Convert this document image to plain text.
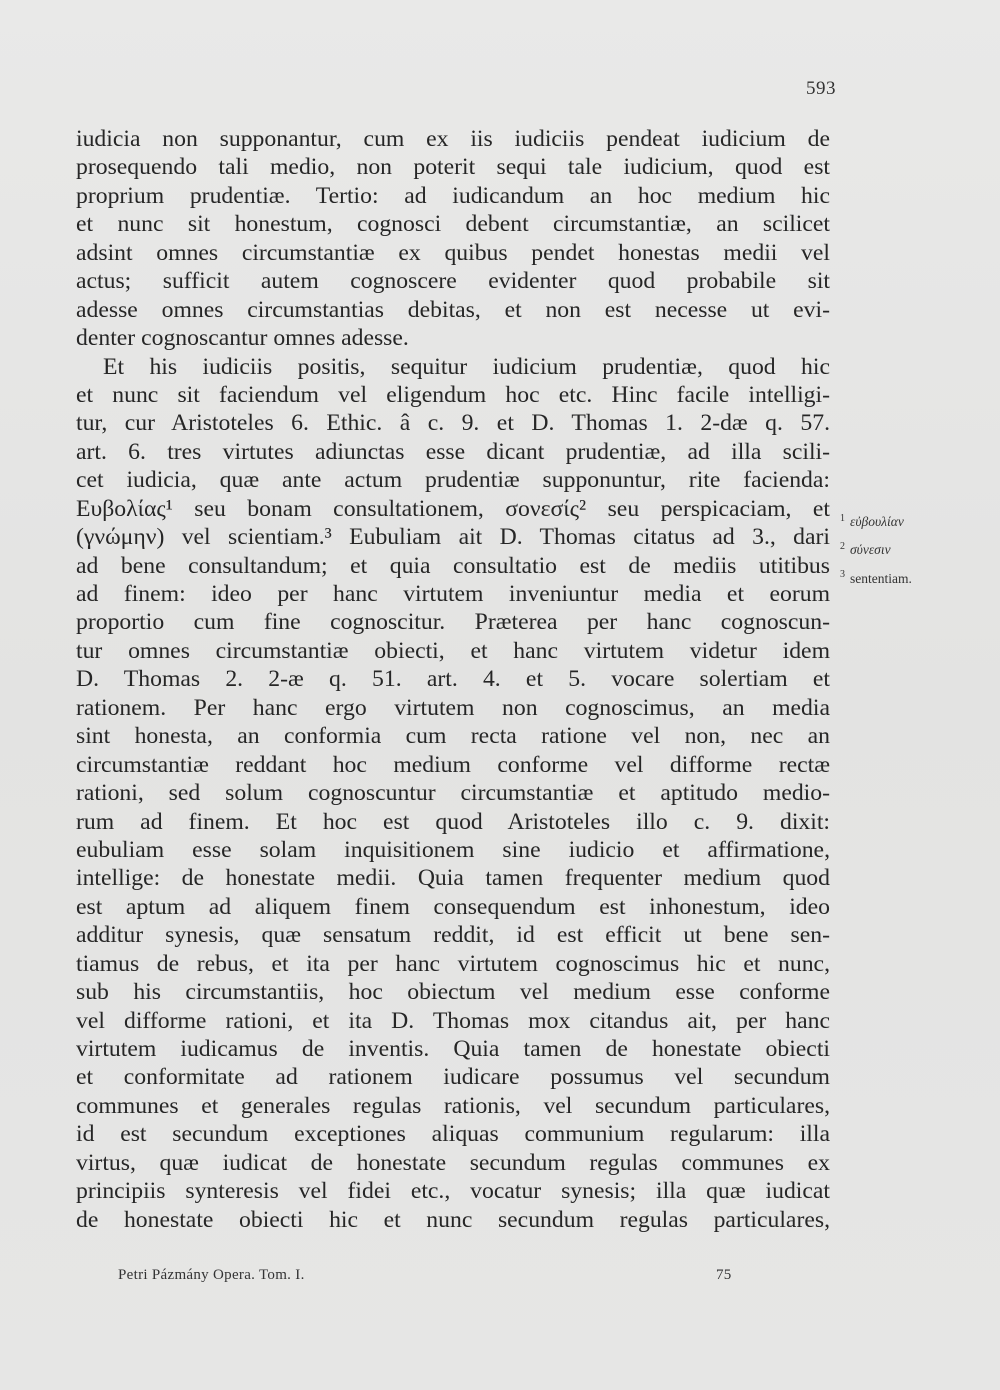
593
iudicia non supponantur, cum ex iis iudiciis pendeat iudicium de
prosequendo tali medio, non poterit sequi tale iudicium, quod est
proprium prudentiæ. Tertio: ad iudicandum an hoc medium hic
et nunc sit honestum, cognosci debent circumstantiæ, an scilicet
adsint omnes circumstantiæ ex quibus pendet honestas medii vel
actus; sufficit autem cognoscere evidenter quod probabile sit
adesse omnes circumstantias debitas, et non est necesse ut evi-
denter cognoscantur omnes adesse.
Et his iudiciis positis, sequitur iudicium prudentiæ, quod hic
et nunc sit faciendum vel eligendum hoc etc. Hinc facile intelligi-
tur, cur Aristoteles 6. Ethic. â c. 9. et D. Thomas 1. 2-dæ q. 57.
art. 6. tres virtutes adiunctas esse dicant prudentiæ, ad illa scili-
cet iudicia, quæ ante actum prudentiæ supponuntur, rite facienda:
Ευβολίας¹ seu bonam consultationem, σονεσίς² seu perspicaciam, et
(γνώμην) vel scientiam.³ Eubuliam ait D. Thomas citatus ad 3., dari
ad bene consultandum; et quia consultatio est de mediis utitibus
ad finem: ideo per hanc virtutem inveniuntur media et eorum
proportio cum fine cognoscitur. Præterea per hanc cognoscun-
tur omnes circumstantiæ obiecti, et hanc virtutem videtur idem
D. Thomas 2. 2-æ q. 51. art. 4. et 5. vocare solertiam et
rationem. Per hanc ergo virtutem non cognoscimus, an media
sint honesta, an conformia cum recta ratione vel non, nec an
circumstantiæ reddant hoc medium conforme vel difforme rectæ
rationi, sed solum cognoscuntur circumstantiæ et aptitudo medio-
rum ad finem. Et hoc est quod Aristoteles illo c. 9. dixit:
eubuliam esse solam inquisitionem sine iudicio et affirmatione,
intellige: de honestate medii. Quia tamen frequenter medium quod
est aptum ad aliquem finem consequendum est inhonestum, ideo
additur synesis, quæ sensatum reddit, id est efficit ut bene sen-
tiamus de rebus, et ita per hanc virtutem cognoscimus hic et nunc,
sub his circumstantiis, hoc obiectum vel medium esse conforme
vel difforme rationi, et ita D. Thomas mox citandus ait, per hanc
virtutem iudicamus de inventis. Quia tamen de honestate obiecti
et conformitate ad rationem iudicare possumus vel secundum
communes et generales regulas rationis, vel secundum particulares,
id est secundum exceptiones aliquas communium regularum: illa
virtus, quæ iudicat de honestate secundum regulas communes ex
principiis synteresis vel fidei etc., vocatur synesis; illa quæ iudicat
de honestate obiecti hic et nunc secundum regulas particulares,
$^1$ εὐβουλίαν
$^2$ σύνεσιν
$^3$ sententiam.
Petri Pázmány Opera. Tom. I.	75
